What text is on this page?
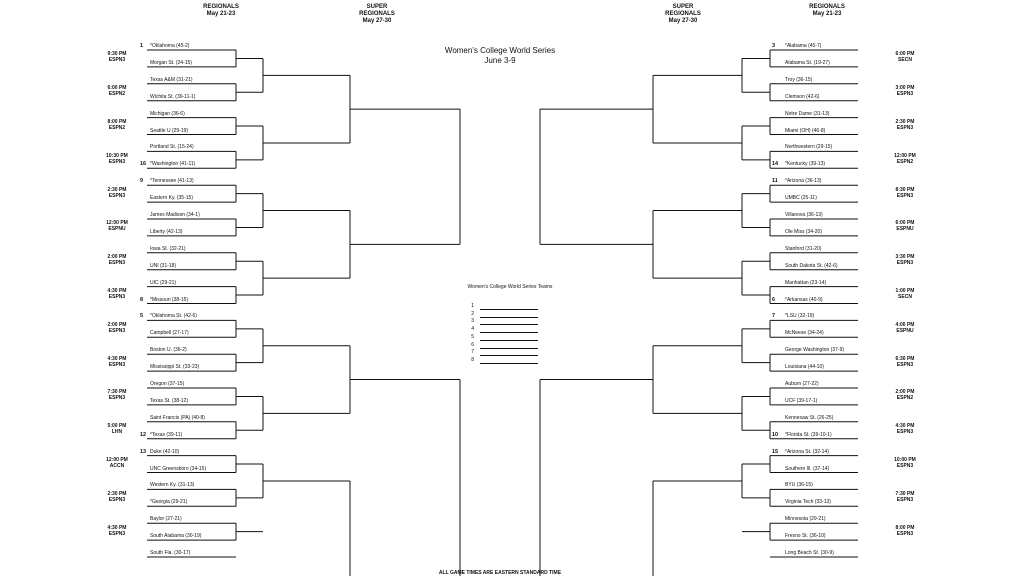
REGIONALS
May 21-23
SUPER
REGIONALS
May 27-30
SUPER
REGIONALS
May 27-30
REGIONALS
May 21-23
Women's College World Series
June 3-9
*Oklahoma (45-2)
Morgan St. (24-15)
Texas A&M (31-21)
Wichita St. (39-11-1)
Michigan (36-6)
Seattle U (29-19)
Portland St. (15-24)
*Washington (41-11)
*Tennessee (41-13)
Eastern Ky. (35-15)
James Madison (34-1)
Liberty (42-13)
Iowa St. (32-21)
UNI (31-18)
UIC (29-21)
*Missouri (38-15)
*Oklahoma St. (42-6)
Campbell (27-17)
Boston U. (36-2)
Mississippi St. (33-23)
Oregon (37-15)
Texas St. (38-12)
Saint Francis (PA) (40-8)
*Texas (39-11)
Duke (42-10)
UNC Greensboro (34-15)
Western Ky. (31-13)
*Georgia (29-21)
Baylor (27-21)
South Alabama (30-19)
South Fla. (30-17)
*Alabama (45-7)
Alabama St. (19-27)
Troy (36-15)
Clemson (42-6)
Notre Dame (31-13)
Miami (OH) (46-8)
Northwestern (29-15)
*Kentucky (39-13)
*Arizona (36-13)
UMBC (25-11)
Villanova (36-13)
Ole Miss (34-20)
Stanford (31-20)
South Dakota St. (42-6)
Manhattan (23-14)
*Arkansas (40-9)
*LSU (32-19)
McNeese (34-24)
George Washington (37-9)
Louisiana (44-10)
Auburn (27-22)
UCF (39-17-1)
Kennesaw St. (26-25)
*Florida St. (39-10-1)
*Arizona St. (32-14)
Southern Ill. (37-14)
BYU (36-15)
Virginia Tech (33-13)
Minnesota (29-21)
Fresno St. (36-10)
Long Beach St. (30-9)
1
16
9
8
5
12
13
3
14
11
6
7
10
15
9:30 PM
ESPN3
6:00 PM
ESPN2
8:00 PM
ESPN2
10:30 PM
ESPN3
2:30 PM
ESPN3
12:00 PM
ESPNU
2:00 PM
ESPN3
4:30 PM
ESPN3
2:00 PM
ESPN3
4:30 PM
ESPN3
7:30 PM
ESPN3
5:00 PM
LHN
12:00 PM
ACCN
2:30 PM
ESPN3
4:30 PM
ESPN3
6:00 PM
SECN
3:00 PM
ESPN3
2:30 PM
ESPN3
12:00 PM
ESPN2
8:30 PM
ESPN3
6:00 PM
ESPNU
3:30 PM
ESPN3
1:00 PM
SECN
4:00 PM
ESPNU
6:30 PM
ESPN3
2:00 PM
ESPN2
4:30 PM
ESPN3
10:00 PM
ESPN3
7:30 PM
ESPN3
8:00 PM
ESPN3
Women's College World Series Teams
1
2
3
4
5
6
7
8
ALL GAME TIMES ARE EASTERN STANDARD TIME
